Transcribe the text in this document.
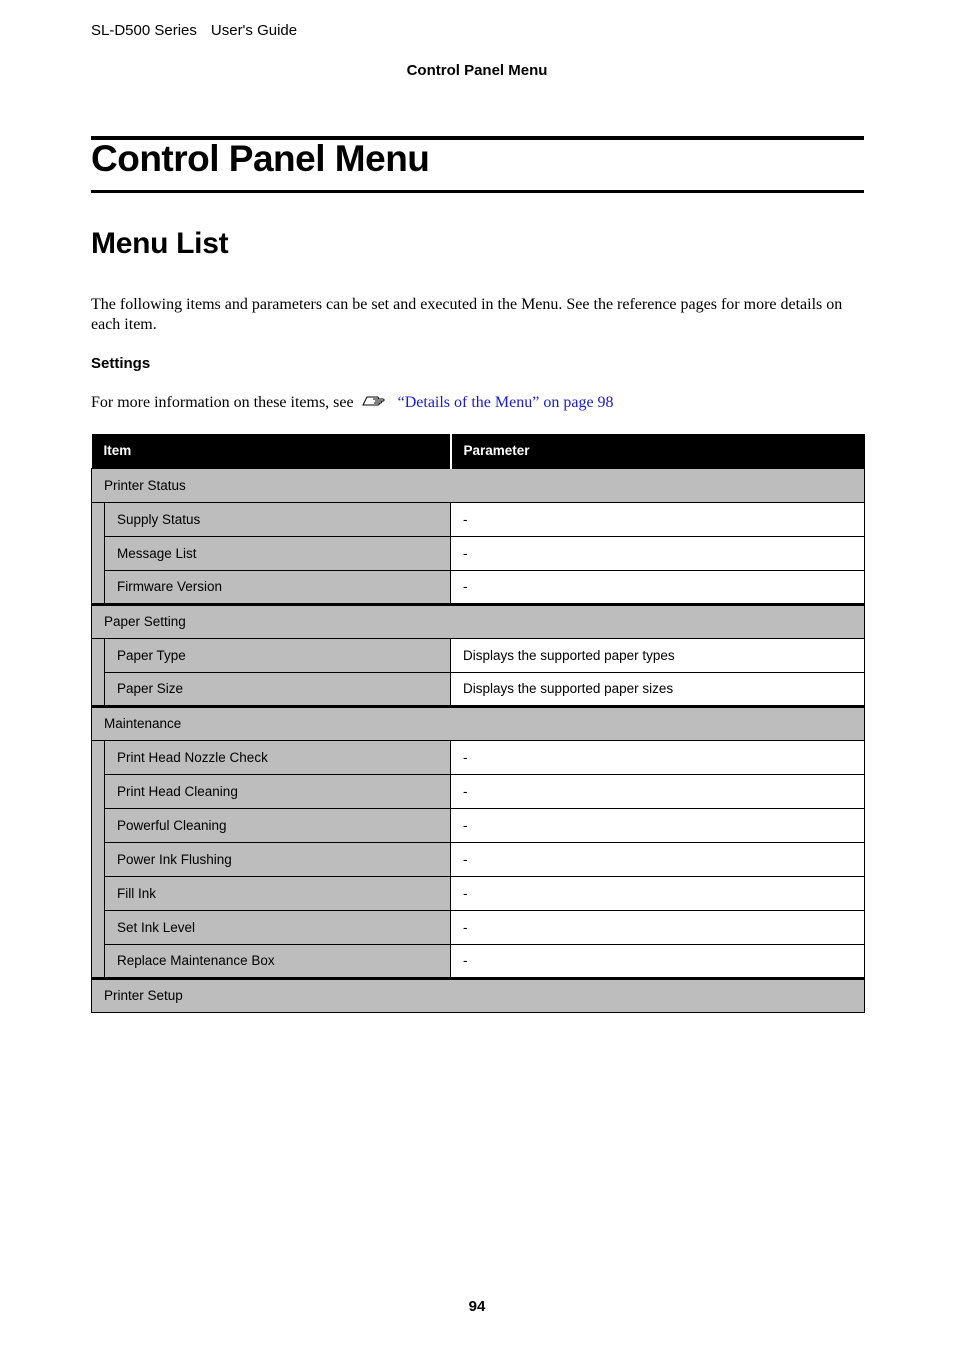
SL-D500 Series User's Guide
Control Panel Menu
Control Panel Menu
Menu List
The following items and parameters can be set and executed in the Menu. See the reference pages for more details on each item.
Settings
For more information on these items, see	“Details of the Menu” on page 98
Item		Parameter
Printer Status		
	Supply Status	-
	Message List	-
	Firmware Version	-
Paper Setting		
	Paper Type	Displays the supported paper types
	Paper Size	Displays the supported paper sizes
Maintenance		
	Print Head Nozzle Check	-
	Print Head Cleaning	-
	Powerful Cleaning	-
	Power Ink Flushing	-
	Fill Ink	-
	Set Ink Level	-
	Replace Maintenance Box	-
Printer Setup		
94
